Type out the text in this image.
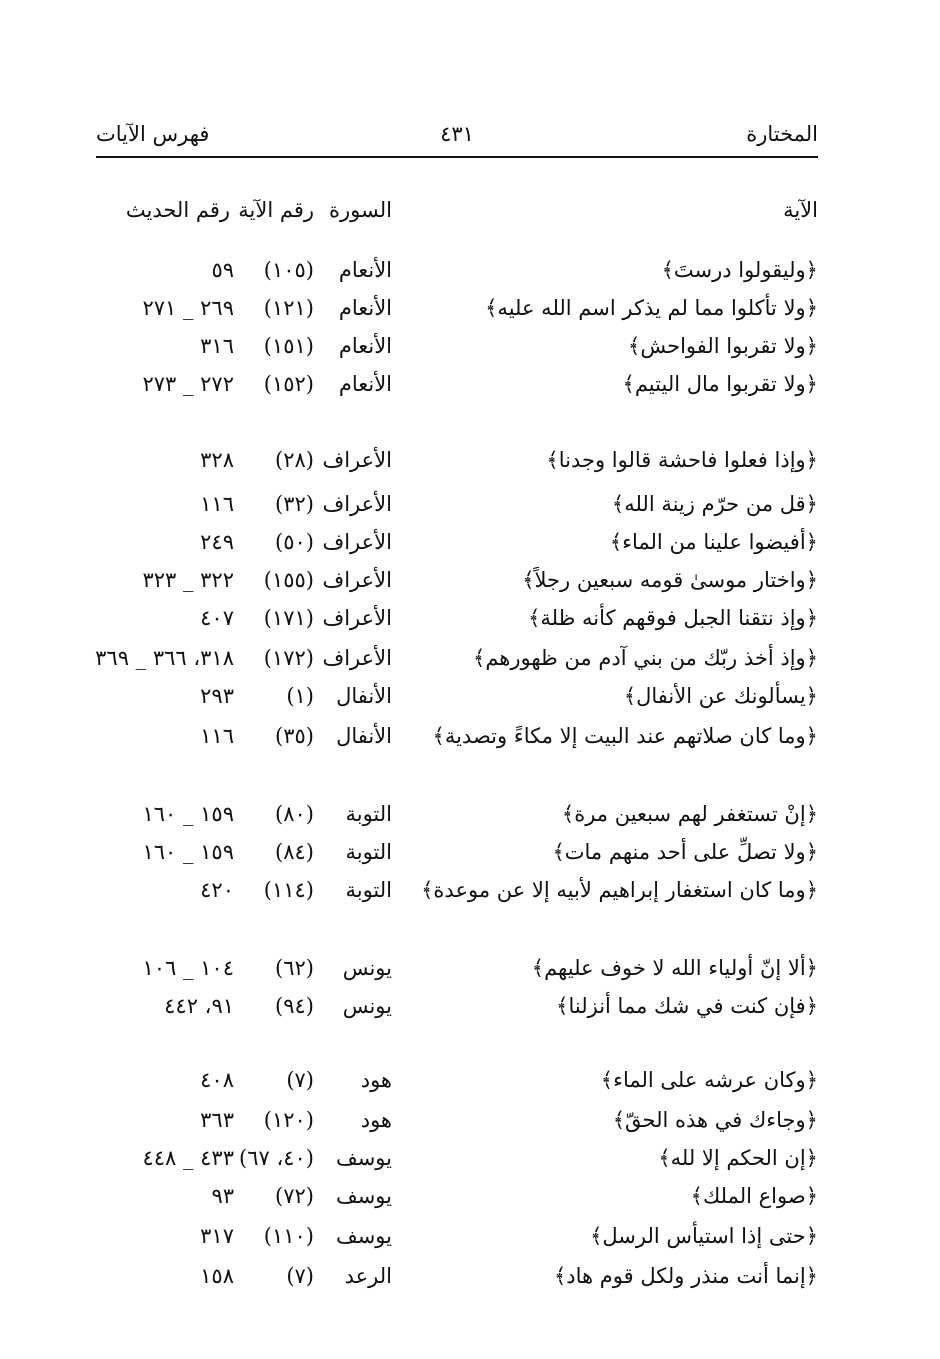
المختارة
٤٣١
فهرس الآيات
الآية
السورة
رقم الآية
رقم الحديث
﴿وليقولوا درستَ﴾
الأنعام
(١٠٥)
٥٩
﴿ولا تأكلوا مما لم يذكر اسم الله عليه﴾
الأنعام
(١٢١)
٢٦٩ _ ٢٧١
﴿ولا تقربوا الفواحش﴾
الأنعام
(١٥١)
٣١٦
﴿ولا تقربوا مال اليتيم﴾
الأنعام
(١٥٢)
٢٧٢ _ ٢٧٣
﴿وإذا فعلوا فاحشة قالوا وجدنا﴾
الأعراف
(٢٨)
٣٢٨
﴿قل من حرّم زينة الله﴾
الأعراف
(٣٢)
١١٦
﴿أفيضوا علينا من الماء﴾
الأعراف
(٥٠)
٢٤٩
﴿واختار موسىٰ قومه سبعين رجلاً﴾
الأعراف
(١٥٥)
٣٢٢ _ ٣٢٣
﴿وإذ نتقنا الجبل فوقهم كأنه ظلة﴾
الأعراف
(١٧١)
٤٠٧
﴿وإذ أخذ ربّك من بني آدم من ظهورهم﴾
الأعراف
(١٧٢)
٣١٨، ٣٦٦ _ ٣٦٩
﴿يسألونك عن الأنفال﴾
الأنفال
(١)
٢٩٣
﴿وما كان صلاتهم عند البيت إلا مكاءً وتصدية﴾
الأنفال
(٣٥)
١١٦
﴿إنْ تستغفر لهم سبعين مرة﴾
التوبة
(٨٠)
١٥٩ _ ١٦٠
﴿ولا تصلِّ على أحد منهم مات﴾
التوبة
(٨٤)
١٥٩ _ ١٦٠
﴿وما كان استغفار إبراهيم لأبيه إلا عن موعدة﴾
التوبة
(١١٤)
٤٢٠
﴿ألا إنّ أولياء الله لا خوف عليهم﴾
يونس
(٦٢)
١٠٤ _ ١٠٦
﴿فإن كنت في شك مما أنزلنا﴾
يونس
(٩٤)
٩١، ٤٤٢
﴿وكان عرشه على الماء﴾
هود
(٧)
٤٠٨
﴿وجاءك في هذه الحقّ﴾
هود
(١٢٠)
٣٦٣
﴿إن الحكم إلا لله﴾
يوسف
(٤٠، ٦٧)
٤٣٣ _ ٤٤٨
﴿صواع الملك﴾
يوسف
(٧٢)
٩٣
﴿حتى إذا استيأس الرسل﴾
يوسف
(١١٠)
٣١٧
﴿إنما أنت منذر ولكل قوم هاد﴾
الرعد
(٧)
١٥٨
